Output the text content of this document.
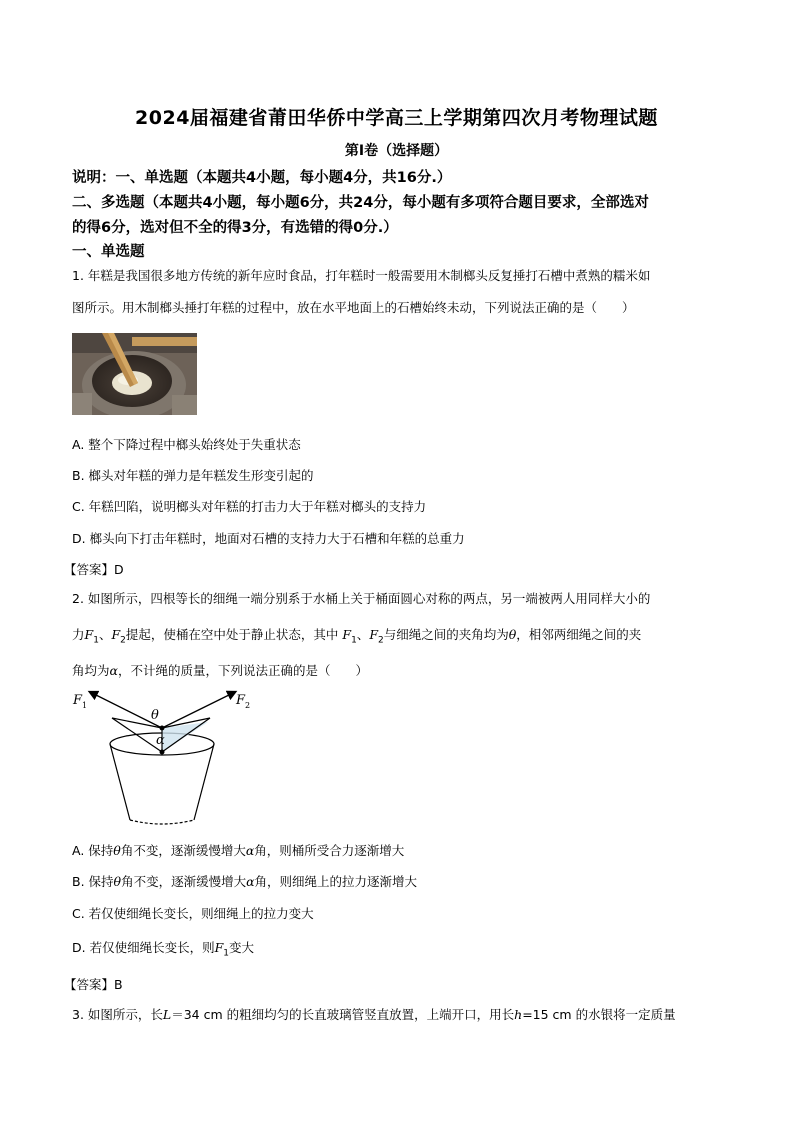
2024届福建省莆田华侨中学高三上学期第四次月考物理试题
第Ⅰ卷（选择题）
说明：一、单选题（本题共4小题，每小题4分，共16分.）
二、多选题（本题共4小题，每小题6分，共24分，每小题有多项符合题目要求，全部选对
的得6分，选对但不全的得3分，有选错的得0分.）
一、单选题
1. 年糕是我国很多地方传统的新年应时食品，打年糕时一般需要用木制榔头反复捶打石槽中煮熟的糯米如
图所示。用木制榔头捶打年糕的过程中，放在水平地面上的石槽始终未动，下列说法正确的是（　　）
A. 整个下降过程中榔头始终处于失重状态
B. 榔头对年糕的弹力是年糕发生形变引起的
C. 年糕凹陷，说明榔头对年糕的打击力大于年糕对榔头的支持力
D. 榔头向下打击年糕时，地面对石槽的支持力大于石槽和年糕的总重力
【答案】D
2. 如图所示，四根等长的细绳一端分别系于水桶上关于桶面圆心对称的两点，另一端被两人用同样大小的
力$F_1$、$F_2$提起，使桶在空中处于静止状态，其中 $F_1$、$F_2$与细绳之间的夹角均为θ，相邻两细绳之间的夹
角均为α，不计绳的质量，下列说法正确的是（　　）
F 1	F 2
θ
α
A. 保持θ角不变，逐渐缓慢增大α角，则桶所受合力逐渐增大
B. 保持θ角不变，逐渐缓慢增大α角，则细绳上的拉力逐渐增大
C. 若仅使细绳长变长，则细绳上的拉力变大
D. 若仅使细绳长变长，则$F_1$变大
【答案】B
3. 如图所示，长L＝34 cm 的粗细均匀的长直玻璃管竖直放置，上端开口，用长h=15 cm 的水银将一定质量
